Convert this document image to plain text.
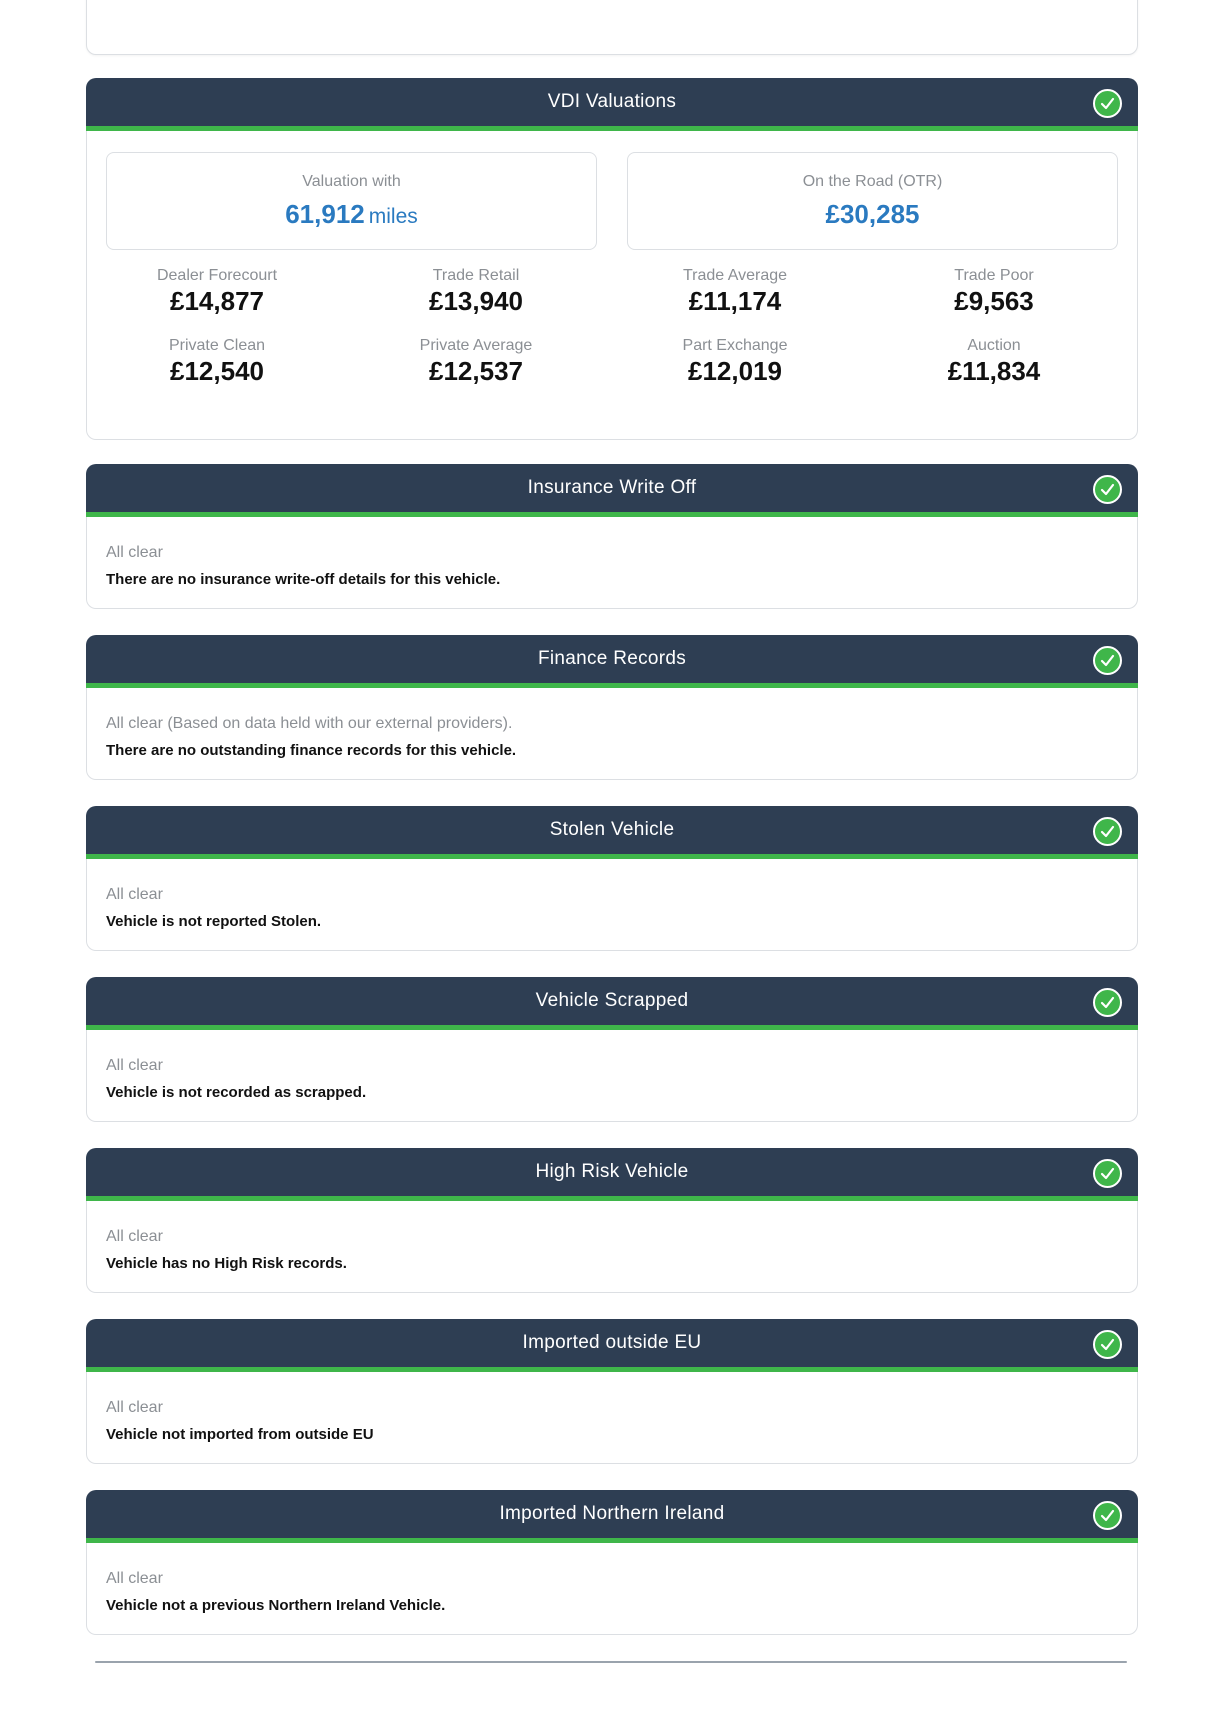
VDI Valuations
Valuation with
61,912 miles
On the Road (OTR)
£30,285
Dealer Forecourt
£14,877
Trade Retail
£13,940
Trade Average
£11,174
Trade Poor
£9,563
Private Clean
£12,540
Private Average
£12,537
Part Exchange
£12,019
Auction
£11,834
Insurance Write Off
All clear
There are no insurance write-off details for this vehicle.
Finance Records
All clear (Based on data held with our external providers).
There are no outstanding finance records for this vehicle.
Stolen Vehicle
All clear
Vehicle is not reported Stolen.
Vehicle Scrapped
All clear
Vehicle is not recorded as scrapped.
High Risk Vehicle
All clear
Vehicle has no High Risk records.
Imported outside EU
All clear
Vehicle not imported from outside EU
Imported Northern Ireland
All clear
Vehicle not a previous Northern Ireland Vehicle.
